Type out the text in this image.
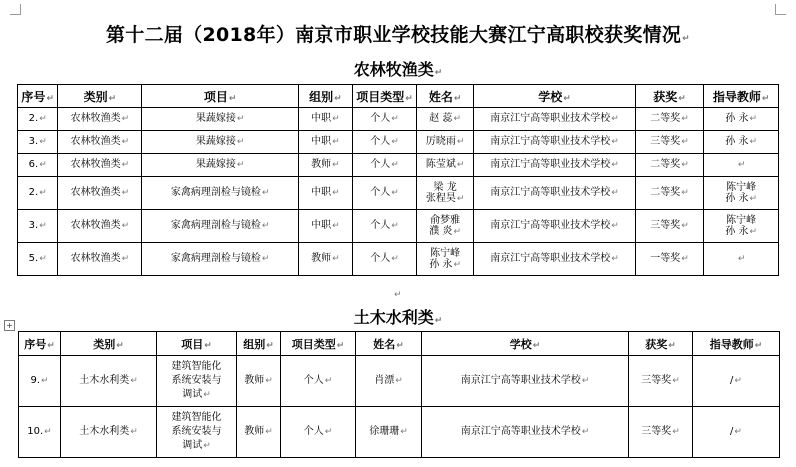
第十二届（2018年）南京市职业学校技能大赛江宁高职校获奖情况↵
农林牧渔类↵
序号↵	类别↵	项目↵	组别↵	项目类型↵	姓名↵	学校↵	获奖↵	指导教师↵
2.↵	农林牧渔类↵	果蔬嫁接↵	中职↵	个人↵	赵 蕊↵	南京江宁高等职业技术学校↵	二等奖↵	孙 永↵
3.↵	农林牧渔类↵	果蔬嫁接↵	中职↵	个人↵	厉晓雨↵	南京江宁高等职业技术学校↵	三等奖↵	孙 永↵
6.↵	农林牧渔类↵	果蔬嫁接↵	教师↵	个人↵	陈莹斌↵	南京江宁高等职业技术学校↵	二等奖↵	↵
2.↵	农林牧渔类↵	家禽病理剖检与镜检↵	中职↵	个人↵	梁 龙
张程昊↵	南京江宁高等职业技术学校↵	二等奖↵	陈宁峰
孙 永↵
3.↵	农林牧渔类↵	家禽病理剖检与镜检↵	中职↵	个人↵	俞梦雅
濮 炎↵	南京江宁高等职业技术学校↵	三等奖↵	陈宁峰
孙 永↵
5.↵	农林牧渔类↵	家禽病理剖检与镜检↵	教师↵	个人↵	陈宁峰
孙 永↵	南京江宁高等职业技术学校↵	一等奖↵	↵
↵
+	土木水利类↵
序号↵	类别↵	项目↵	组别↵	项目类型↵	姓名↵	学校↵	获奖↵	指导教师↵
9.↵	土木水利类↵	建筑智能化
系统安装与
调试↵	教师↵	个人↵	肖漂↵	南京江宁高等职业技术学校↵	三等奖↵	/↵
10.↵	土木水利类↵	建筑智能化
系统安装与
调试↵	教师↵	个人↵	徐珊珊↵	南京江宁高等职业技术学校↵	三等奖↵	/↵
